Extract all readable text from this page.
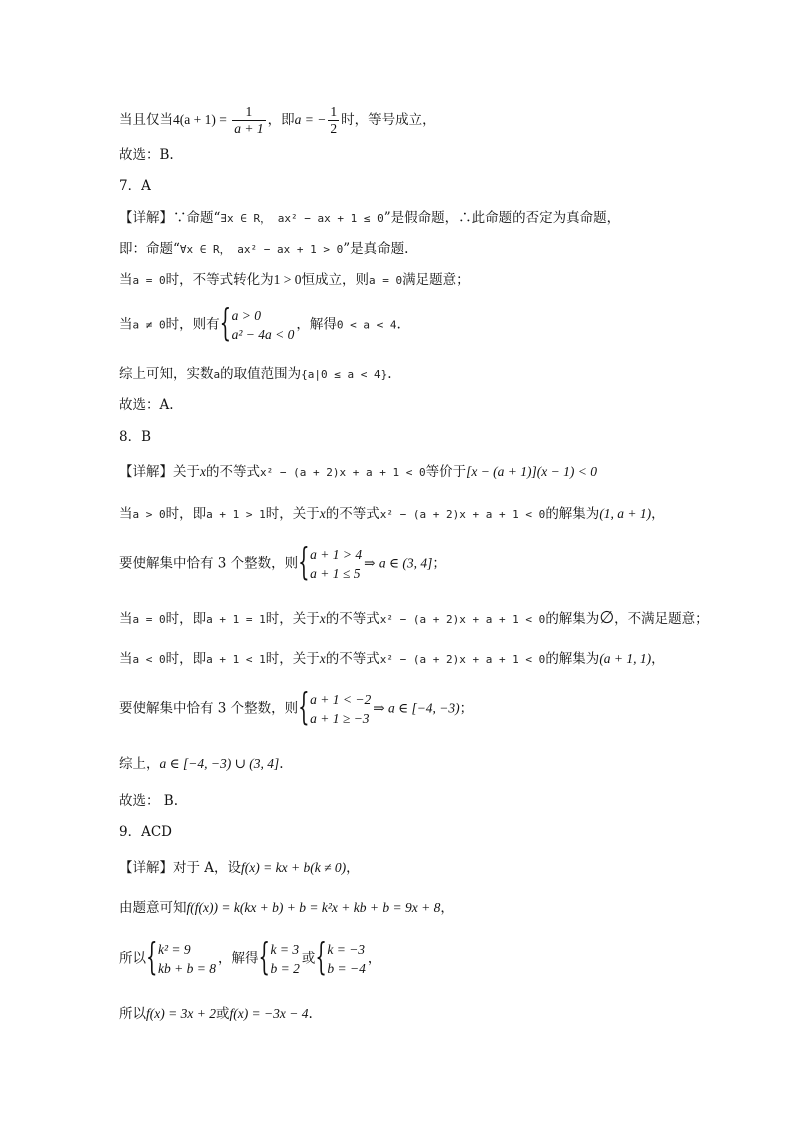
当且仅当$4(a + 1) = \frac{1}{a + 1}$ ，即a = − $\frac{1}{2}$ 时，等号成立，
故选：B.
7．A
【详解】∵命题“∃x ∈ R， ax² − ax + 1 ≤ 0”是假命题，∴此命题的否定为真命题，
即：命题“∀x ∈ R， ax² − ax + 1 > 0”是真命题.
当a = 0时，不等式转化为1 > 0恒成立，则a = 0满足题意；
当a ≠ 0时，则有
{ a > 0
a² − 4a < 0
，解得0 < a < 4.
综上可知，实数a的取值范围为{a|0 ≤ a < 4}.
故选：A.
8．B
【详解】关于x的不等式x² − (a + 2)x + a + 1 < 0等价于[x − (a + 1)](x − 1) < 0
当a > 0时，即a + 1 > 1时，关于x的不等式x² − (a + 2)x + a + 1 < 0的解集为(1, a + 1)，
要使解集中恰有 3 个整数，则
{ a + 1 > 4
a + 1 ≤ 5
⇒ a ∈ (3, 4]；
当a = 0时，即a + 1 = 1时，关于x的不等式x² − (a + 2)x + a + 1 < 0的解集为∅，不满足题意；
当a < 0时，即a + 1 < 1时，关于x的不等式x² − (a + 2)x + a + 1 < 0的解集为(a + 1, 1)，
要使解集中恰有 3 个整数，则
{ a + 1 < −2
a + 1 ≥ −3
⇒ a ∈ [−4, −3)；
综上，a ∈ [−4, −3) ∪ (3, 4].
故选： B.
9．ACD
【详解】对于 A，设f(x) = kx + b(k ≠ 0)，
由题意可知f(f(x)) = k(kx + b) + b = k²x + kb + b = 9x + 8，
所以
{ k² = 9
kb + b = 8
，解得
{ k = 3
b = 2
或
{ k = −3
b = −4
，
所以f(x) = 3x + 2或f(x) = −3x − 4.
